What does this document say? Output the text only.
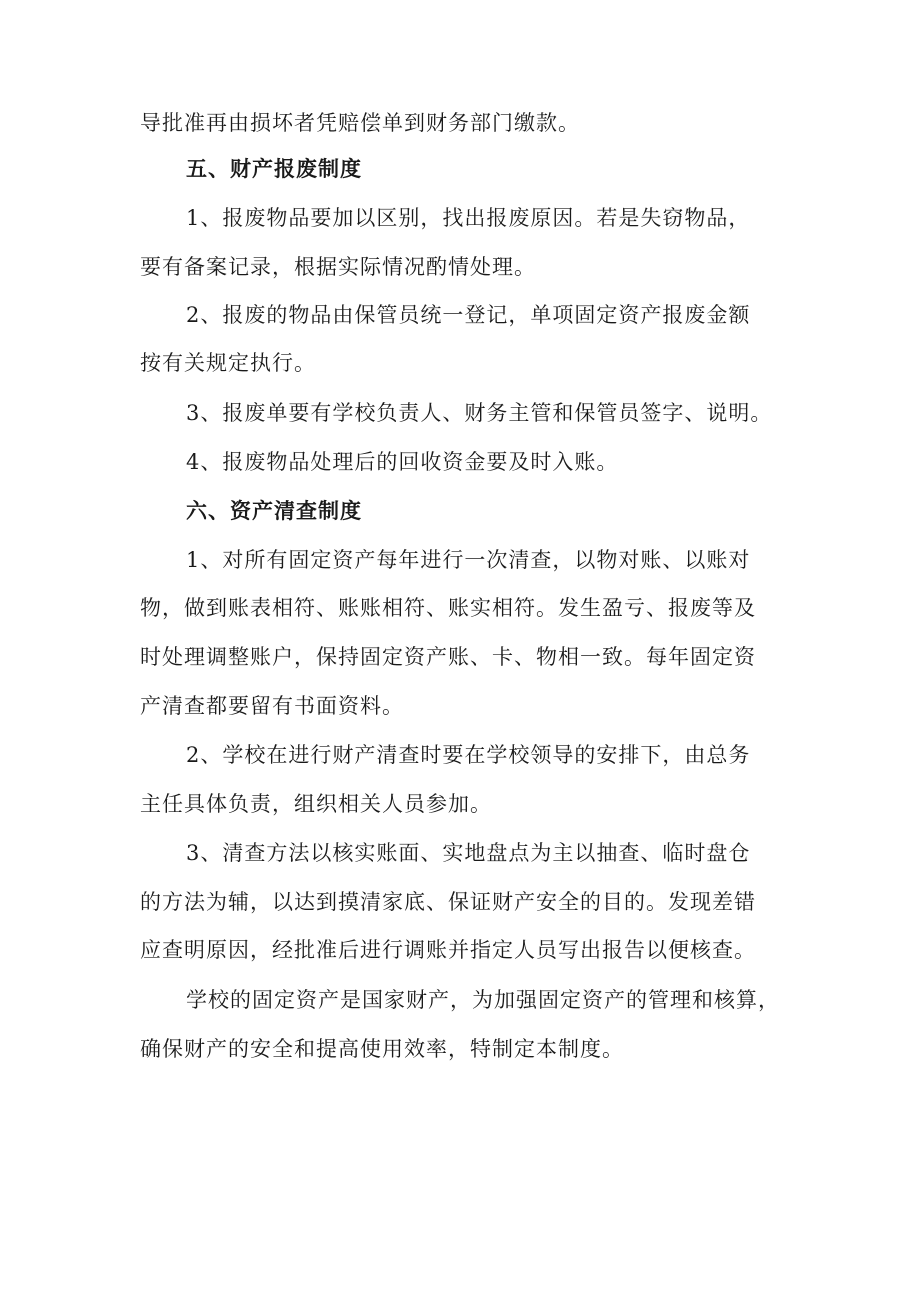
导批准再由损坏者凭赔偿单到财务部门缴款。
五、财产报废制度
1、报废物品要加以区别，找出报废原因。若是失窃物品，
要有备案记录，根据实际情况酌情处理。
2、报废的物品由保管员统一登记，单项固定资产报废金额
按有关规定执行。
3、报废单要有学校负责人、财务主管和保管员签字、说明。
4、报废物品处理后的回收资金要及时入账。
六、资产清查制度
1、对所有固定资产每年进行一次清查，以物对账、以账对
物，做到账表相符、账账相符、账实相符。发生盈亏、报废等及
时处理调整账户，保持固定资产账、卡、物相一致。每年固定资
产清查都要留有书面资料。
2、学校在进行财产清查时要在学校领导的安排下，由总务
主任具体负责，组织相关人员参加。
3、清查方法以核实账面、实地盘点为主以抽查、临时盘仓
的方法为辅，以达到摸清家底、保证财产安全的目的。发现差错
应查明原因，经批准后进行调账并指定人员写出报告以便核查。
学校的固定资产是国家财产，为加强固定资产的管理和核算，
确保财产的安全和提高使用效率，特制定本制度。
